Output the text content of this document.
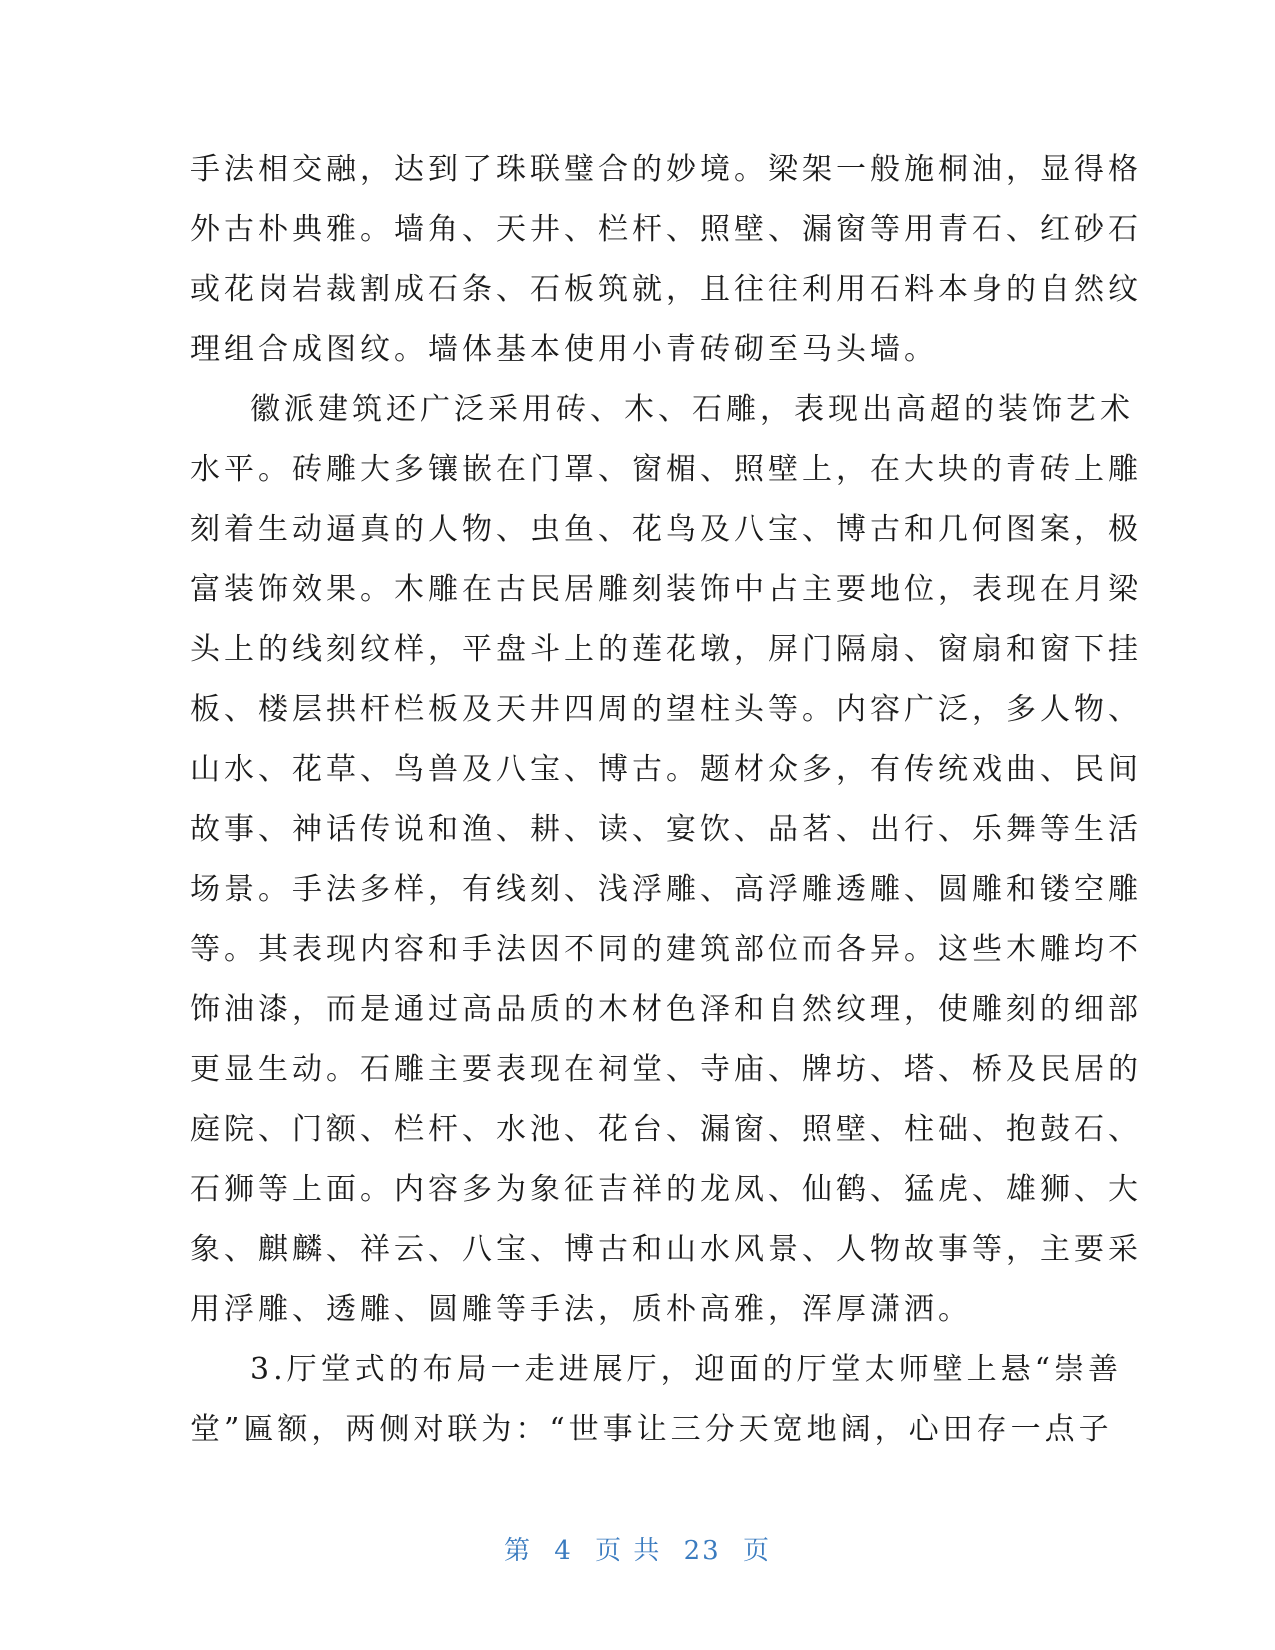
手法相交融，达到了珠联璧合的妙境。梁架一般施桐油，显得格
外古朴典雅。墙角、天井、栏杆、照壁、漏窗等用青石、红砂石
或花岗岩裁割成石条、石板筑就，且往往利用石料本身的自然纹
理组合成图纹。墙体基本使用小青砖砌至马头墙。
徽派建筑还广泛采用砖、木、石雕，表现出高超的装饰艺术
水平。砖雕大多镶嵌在门罩、窗楣、照壁上，在大块的青砖上雕
刻着生动逼真的人物、虫鱼、花鸟及八宝、博古和几何图案，极
富装饰效果。木雕在古民居雕刻装饰中占主要地位，表现在月梁
头上的线刻纹样，平盘斗上的莲花墩，屏门隔扇、窗扇和窗下挂
板、楼层拱杆栏板及天井四周的望柱头等。内容广泛，多人物、
山水、花草、鸟兽及八宝、博古。题材众多，有传统戏曲、民间
故事、神话传说和渔、耕、读、宴饮、品茗、出行、乐舞等生活
场景。手法多样，有线刻、浅浮雕、高浮雕透雕、圆雕和镂空雕
等。其表现内容和手法因不同的建筑部位而各异。这些木雕均不
饰油漆，而是通过高品质的木材色泽和自然纹理，使雕刻的细部
更显生动。石雕主要表现在祠堂、寺庙、牌坊、塔、桥及民居的
庭院、门额、栏杆、水池、花台、漏窗、照壁、柱础、抱鼓石、
石狮等上面。内容多为象征吉祥的龙凤、仙鹤、猛虎、雄狮、大
象、麒麟、祥云、八宝、博古和山水风景、人物故事等，主要采
用浮雕、透雕、圆雕等手法，质朴高雅，浑厚潇洒。
3.厅堂式的布局一走进展厅，迎面的厅堂太师壁上悬“崇善
堂”匾额，两侧对联为：“世事让三分天宽地阔，心田存一点子
第 4 页 共 23 页
